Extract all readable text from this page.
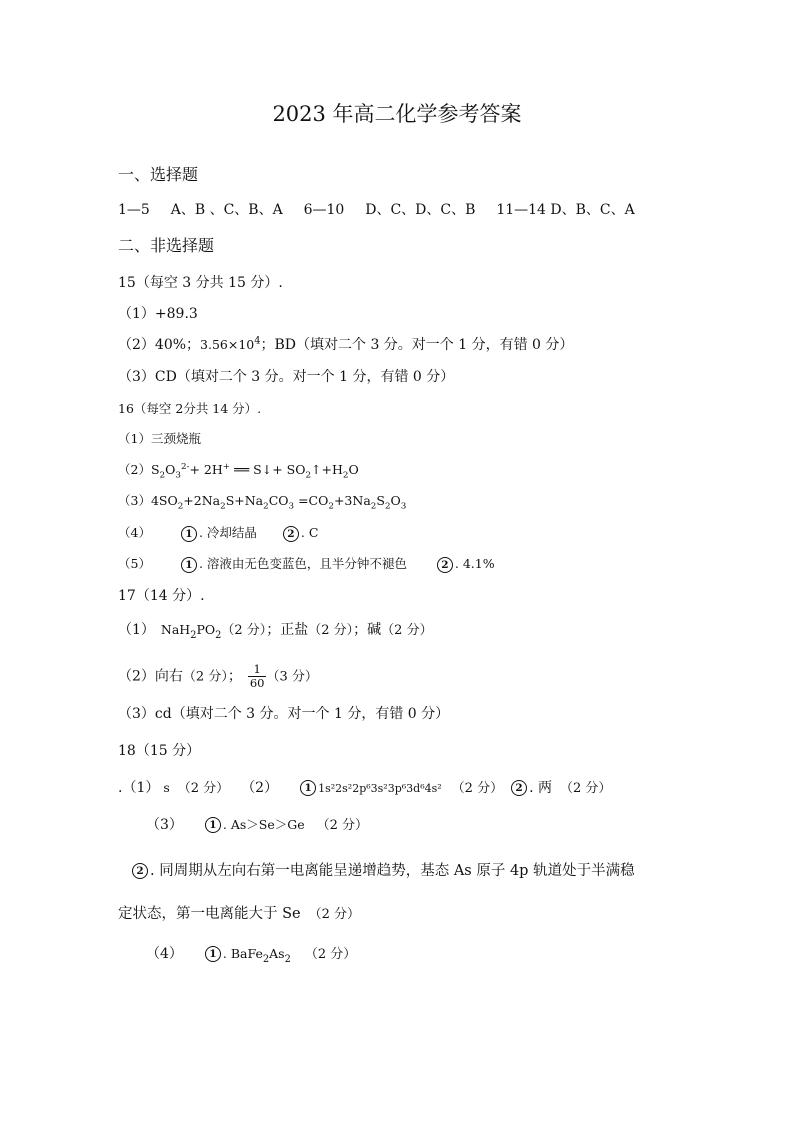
2023 年高二化学参考答案
一、选择题
1—5 A、B 、C、B、A 6—10 D、C、D、C、B 11—14 D、B、C、A
二、非选择题
15（每空 3 分共 15 分）.
（1）+89.3
（2）40%；$3.56\times 10^4$；BD（填对二个 3 分。对一个 1 分，有错 0 分）
（3）CD（填对二个 3 分。对一个 1 分，有错 0 分）
16（每空 2分共 14 分）.
（1）三颈烧瓶
$(2)S_2O_3^{2-}+ 2H^+$ ══ S↓+ $SO_2↑+H_2O$
$(3)4SO_2+2Na_2S+Na_2CO_3 =CO_2+3Na_2S_2O_3$
（4）	1 . 冷却结晶	2 . C
（5）	1 . 溶液由无色变蓝色，且半分钟不褪色	2 . 4.1%
17（14 分）.
（1） $NaH_2PO_2(2$ 分）；正盐（2 分）；碱（2 分）
（2）向右（2 分）； $\frac{1}{60} (3$ 分）
（3）cd（填对二个 3 分。对一个 1 分，有错 0 分）
18（15 分）
.（1） s （2 分） （2）	1 1s²2s²2p⁶3s²3p⁶3d⁶4s² （2 分） 2 . 两 （2 分）
（3）	1 . As＞Se＞Ge （2 分）
2 . 同周期从左向右第一电离能呈递增趋势，基态 As 原子 4p 轨道处于半满稳
定状态，第一电离能大于 Se （2 分）
（4）	1 . $BaFe_2As_2$ （2 分）
